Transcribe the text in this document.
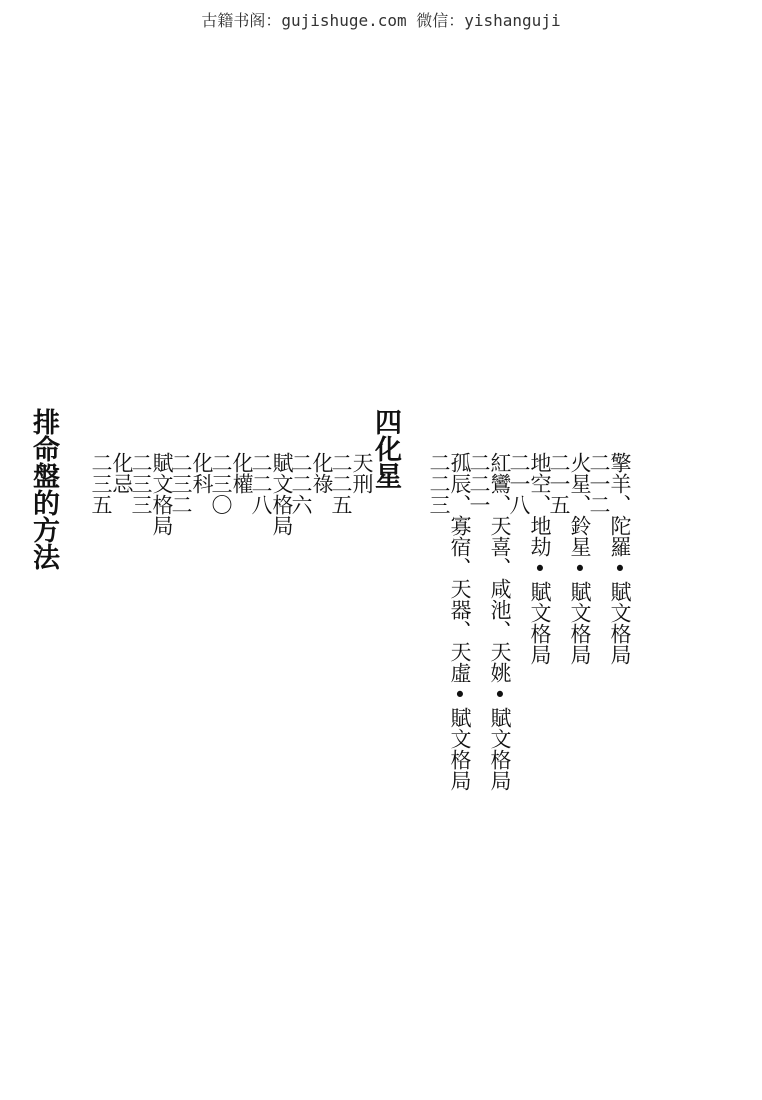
古籍书阁：gujishuge.com 微信：yishanguji
四化星
排命盤的方法	擎羊、陀羅•賦文格局
二一二
火星、鈴星•賦文格局
二一五
地空、地劫•賦文格局
二一八
紅鸞、天喜、咸池、天姚•賦文格局
二二一
孤辰、寡宿、天器、天虛•賦文格局
二二三
天刑
二二五
化祿
二二六
賦文格局
二二八
化權
二三〇
化科
二三二
賦文格局
二三三
化忌
二三五
